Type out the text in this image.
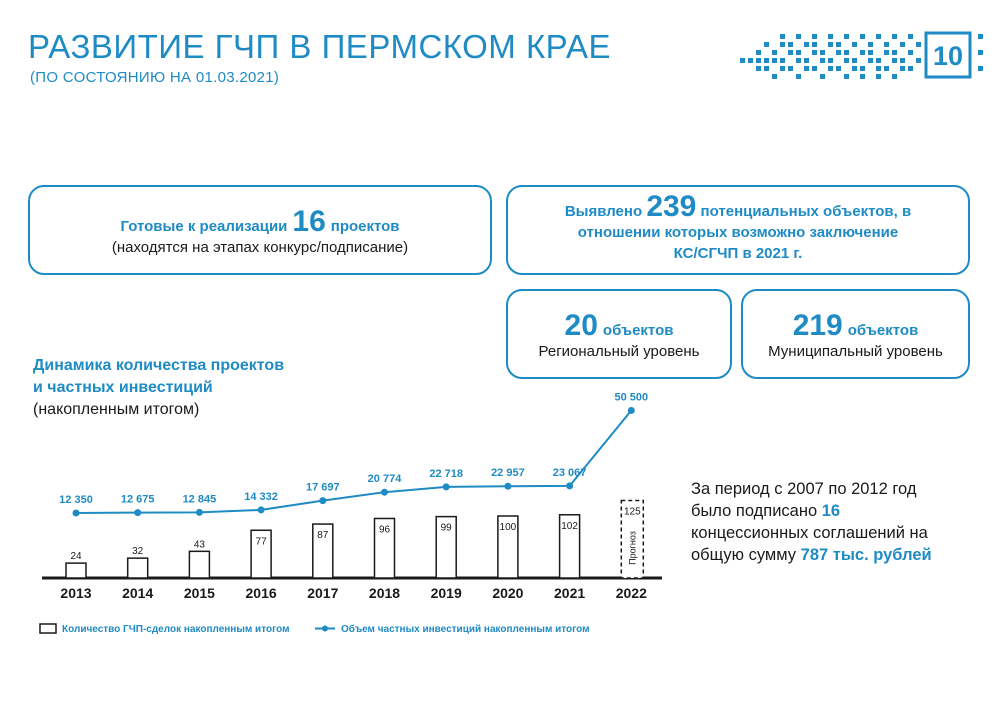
РАЗВИТИЕ ГЧП В ПЕРМСКОМ КРАЕ
(ПО СОСТОЯНИЮ НА 01.03.2021)
10
Готовые к реализации 16 проектов
(находятся на этапах конкурс/подписание)
Выявлено 239 потенциальных объектов, в
отношении которых возможно заключение
КС/СГЧП в 2021 г.
20 объектов
Региональный уровень
219 объектов
Муниципальный уровень
Динамика количества проектов
и частных инвестиций
(накопленным итогом)
24
2013
32
2014
43
2015
77
2016
87
2017
96
2018
99
2019
100
2020
102
2021
125
2022
Прогноз
12 350	12 675	12 845	14 332
17 697
20 774	22 718	22 957	23 067
50 500
Количество ГЧП-сделок накопленным итогом	Объем частных инвестиций накопленным итогом
За период с 2007 по 2012 год было подписано 16 концессионных соглашений на общую сумму 787 тыс. рублей
